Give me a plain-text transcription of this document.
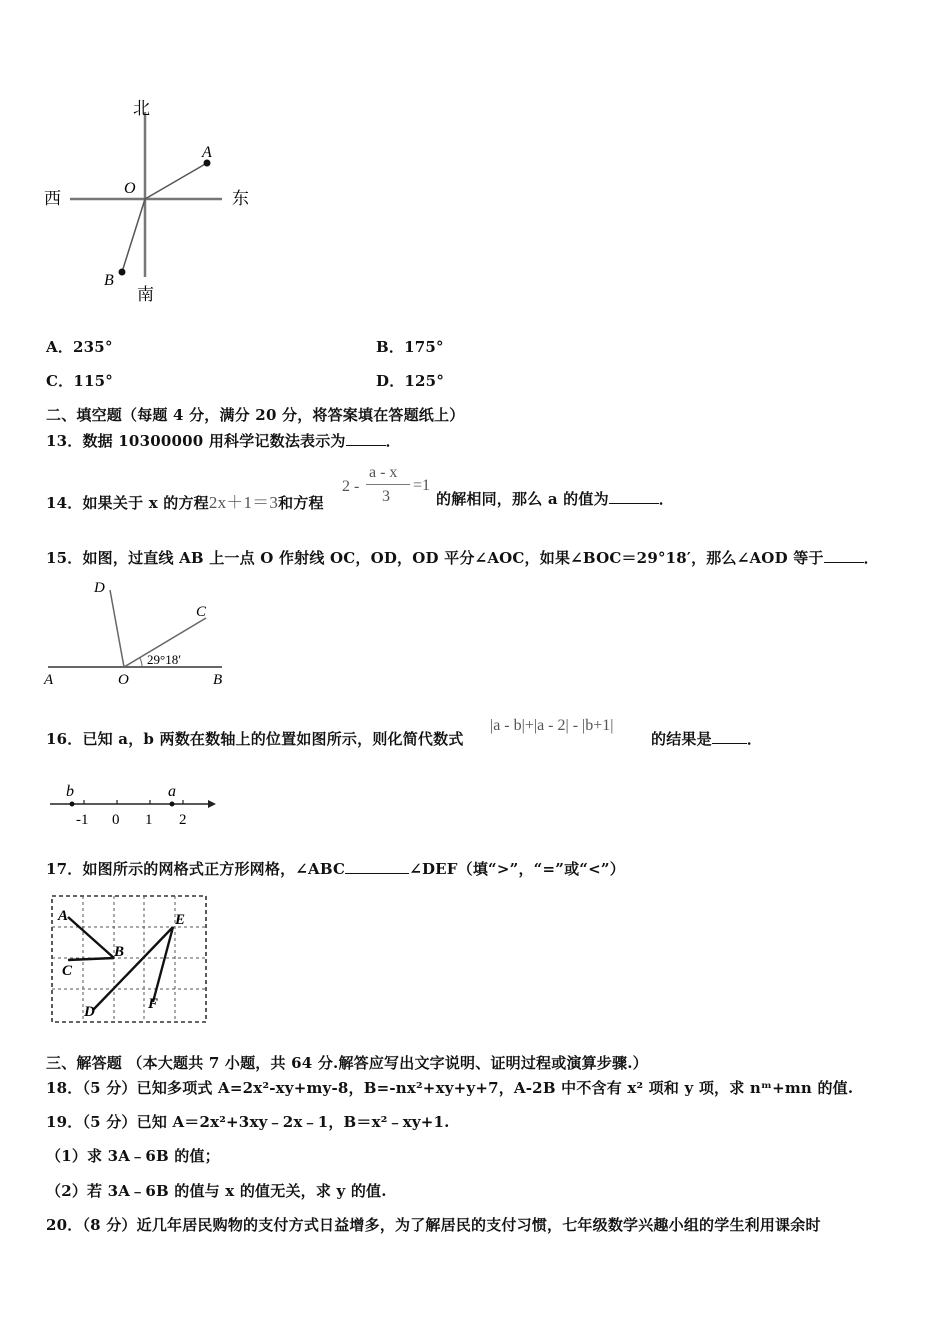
北
南
西	东
A
B
O
A．235°	B．175°
C．115°	D．125°
二、填空题（每题 4 分，满分 20 分，将答案填在答题纸上）
13．数据 10300000 用科学记数法表示为	．
14．如果关于 x 的方程2x＋1＝3和方程
2 -
a - x
3
=1
的解相同，那么 a 的值为	．
15．如图，过直线 AB 上一点 O 作射线 OC，OD，OD 平分∠AOC，如果∠BOC＝29°18′，那么∠AOD 等于	．
A	O	B
C
D
29°18′
16．已知 a，b 两数在数轴上的位置如图所示，则化简代数式
|a - b|+|a - 2| - |b+1|
的结果是 ．
b	a
-1 0 1 2
17．如图所示的网格式正方形网格，∠ABC	∠DEF（填“>”，“=”或“<”）
A
B
C
D
E
F
三、解答题 （本大题共 7 小题，共 64 分.解答应写出文字说明、证明过程或演算步骤.）
18．（5 分）已知多项式 A=2x²-xy+my-8，B=-nx²+xy+y+7，A-2B 中不含有 x² 项和 y 项，求 nᵐ+mn 的值.
19．（5 分）已知 A＝2x²+3xy﹣2x﹣1，B＝x²﹣xy+1.
（1）求 3A﹣6B 的值；
（2）若 3A﹣6B 的值与 x 的值无关，求 y 的值.
20．（8 分）近几年居民购物的支付方式日益增多，为了解居民的支付习惯，七年级数学兴趣小组的学生利用课余时
